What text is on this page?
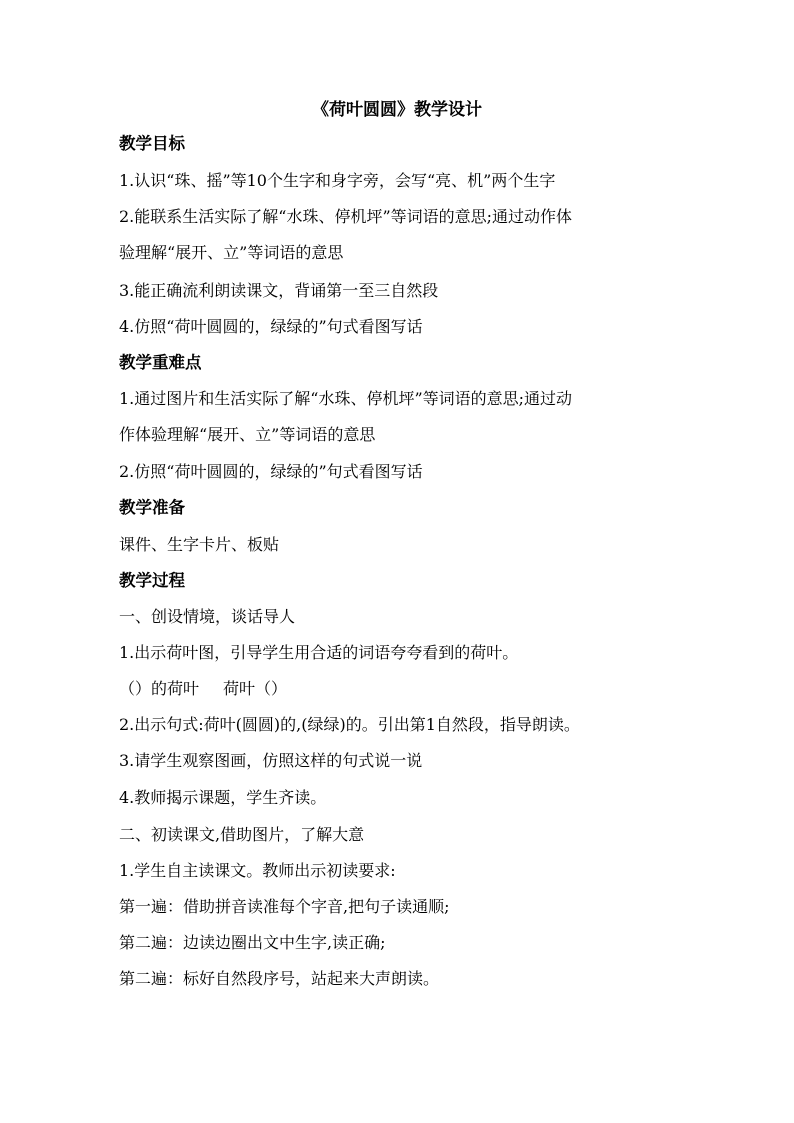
《荷叶圆圆》教学设计
教学目标
1.认识“珠、摇”等10个生字和身字旁，会写“亮、机”两个生字
2.能联系生活实际了解“水珠、停机坪”等词语的意思;通过动作体
验理解“展开、立”等词语的意思
3.能正确流利朗读课文，背诵第一至三自然段
4.仿照“荷叶圆圆的，绿绿的”句式看图写话
教学重难点
1.通过图片和生活实际了解“水珠、停机坪”等词语的意思;通过动
作体验理解“展开、立”等词语的意思
2.仿照“荷叶圆圆的，绿绿的”句式看图写话
教学准备
课件、生字卡片、板贴
教学过程
一、创设情境，谈话导人
1.出示荷叶图，引导学生用合适的词语夸夸看到的荷叶。
（）的荷叶 荷叶（）
2.出示句式:荷叶(圆圆)的,(绿绿)的。引出第1自然段，指导朗读。
3.请学生观察图画，仿照这样的句式说一说
4.教师揭示课题，学生齐读。
二、初读课文,借助图片，了解大意
1.学生自主读课文。教师出示初读要求:
第一遍：借助拼音读准每个字音,把句子读通顺;
第二遍：边读边圈出文中生字,读正确;
第二遍：标好自然段序号，站起来大声朗读。
